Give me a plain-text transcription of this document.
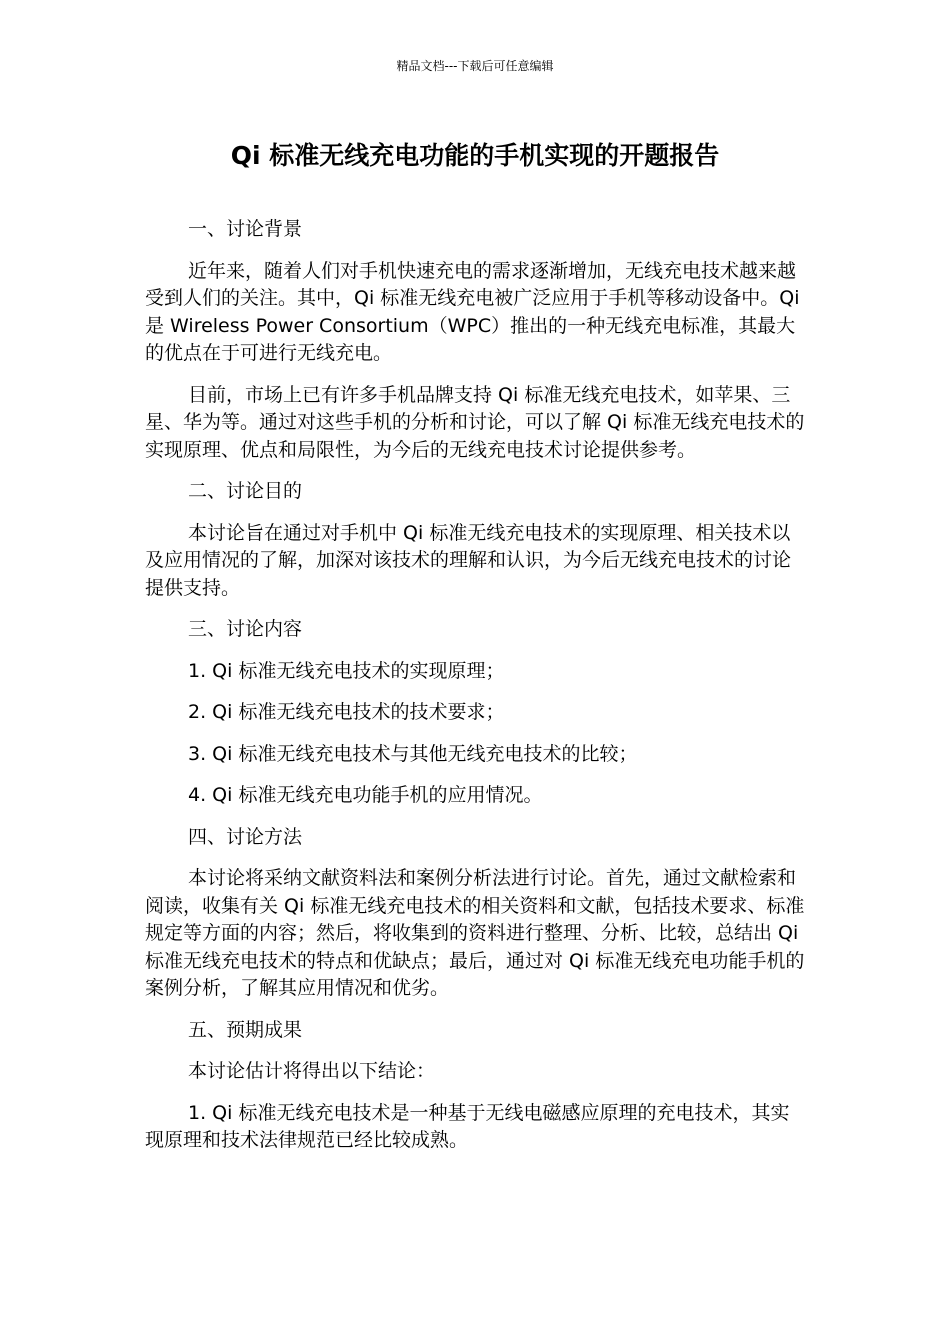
精品文档---下载后可任意编辑
Qi 标准无线充电功能的手机实现的开题报告

一、讨论背景

近年来，随着人们对手机快速充电的需求逐渐增加，无线充电技术越来越受到人们的关注。其中，Qi 标准无线充电被广泛应用于手机等移动设备中。Qi 是 Wireless Power Consortium（WPC）推出的一种无线充电标准，其最大的优点在于可进行无线充电。

目前，市场上已有许多手机品牌支持 Qi 标准无线充电技术，如苹果、三星、华为等。通过对这些手机的分析和讨论，可以了解 Qi 标准无线充电技术的实现原理、优点和局限性，为今后的无线充电技术讨论提供参考。

二、讨论目的

本讨论旨在通过对手机中 Qi 标准无线充电技术的实现原理、相关技术以及应用情况的了解，加深对该技术的理解和认识，为今后无线充电技术的讨论提供支持。

三、讨论内容

1. Qi 标准无线充电技术的实现原理；

2. Qi 标准无线充电技术的技术要求；

3. Qi 标准无线充电技术与其他无线充电技术的比较；

4. Qi 标准无线充电功能手机的应用情况。

四、讨论方法

本讨论将采纳文献资料法和案例分析法进行讨论。首先，通过文献检索和阅读，收集有关 Qi 标准无线充电技术的相关资料和文献，包括技术要求、标准规定等方面的内容；然后，将收集到的资料进行整理、分析、比较，总结出 Qi 标准无线充电技术的特点和优缺点；最后，通过对 Qi 标准无线充电功能手机的案例分析，了解其应用情况和优劣。

五、预期成果

本讨论估计将得出以下结论：

1. Qi 标准无线充电技术是一种基于无线电磁感应原理的充电技术，其实现原理和技术法律规范已经比较成熟。
